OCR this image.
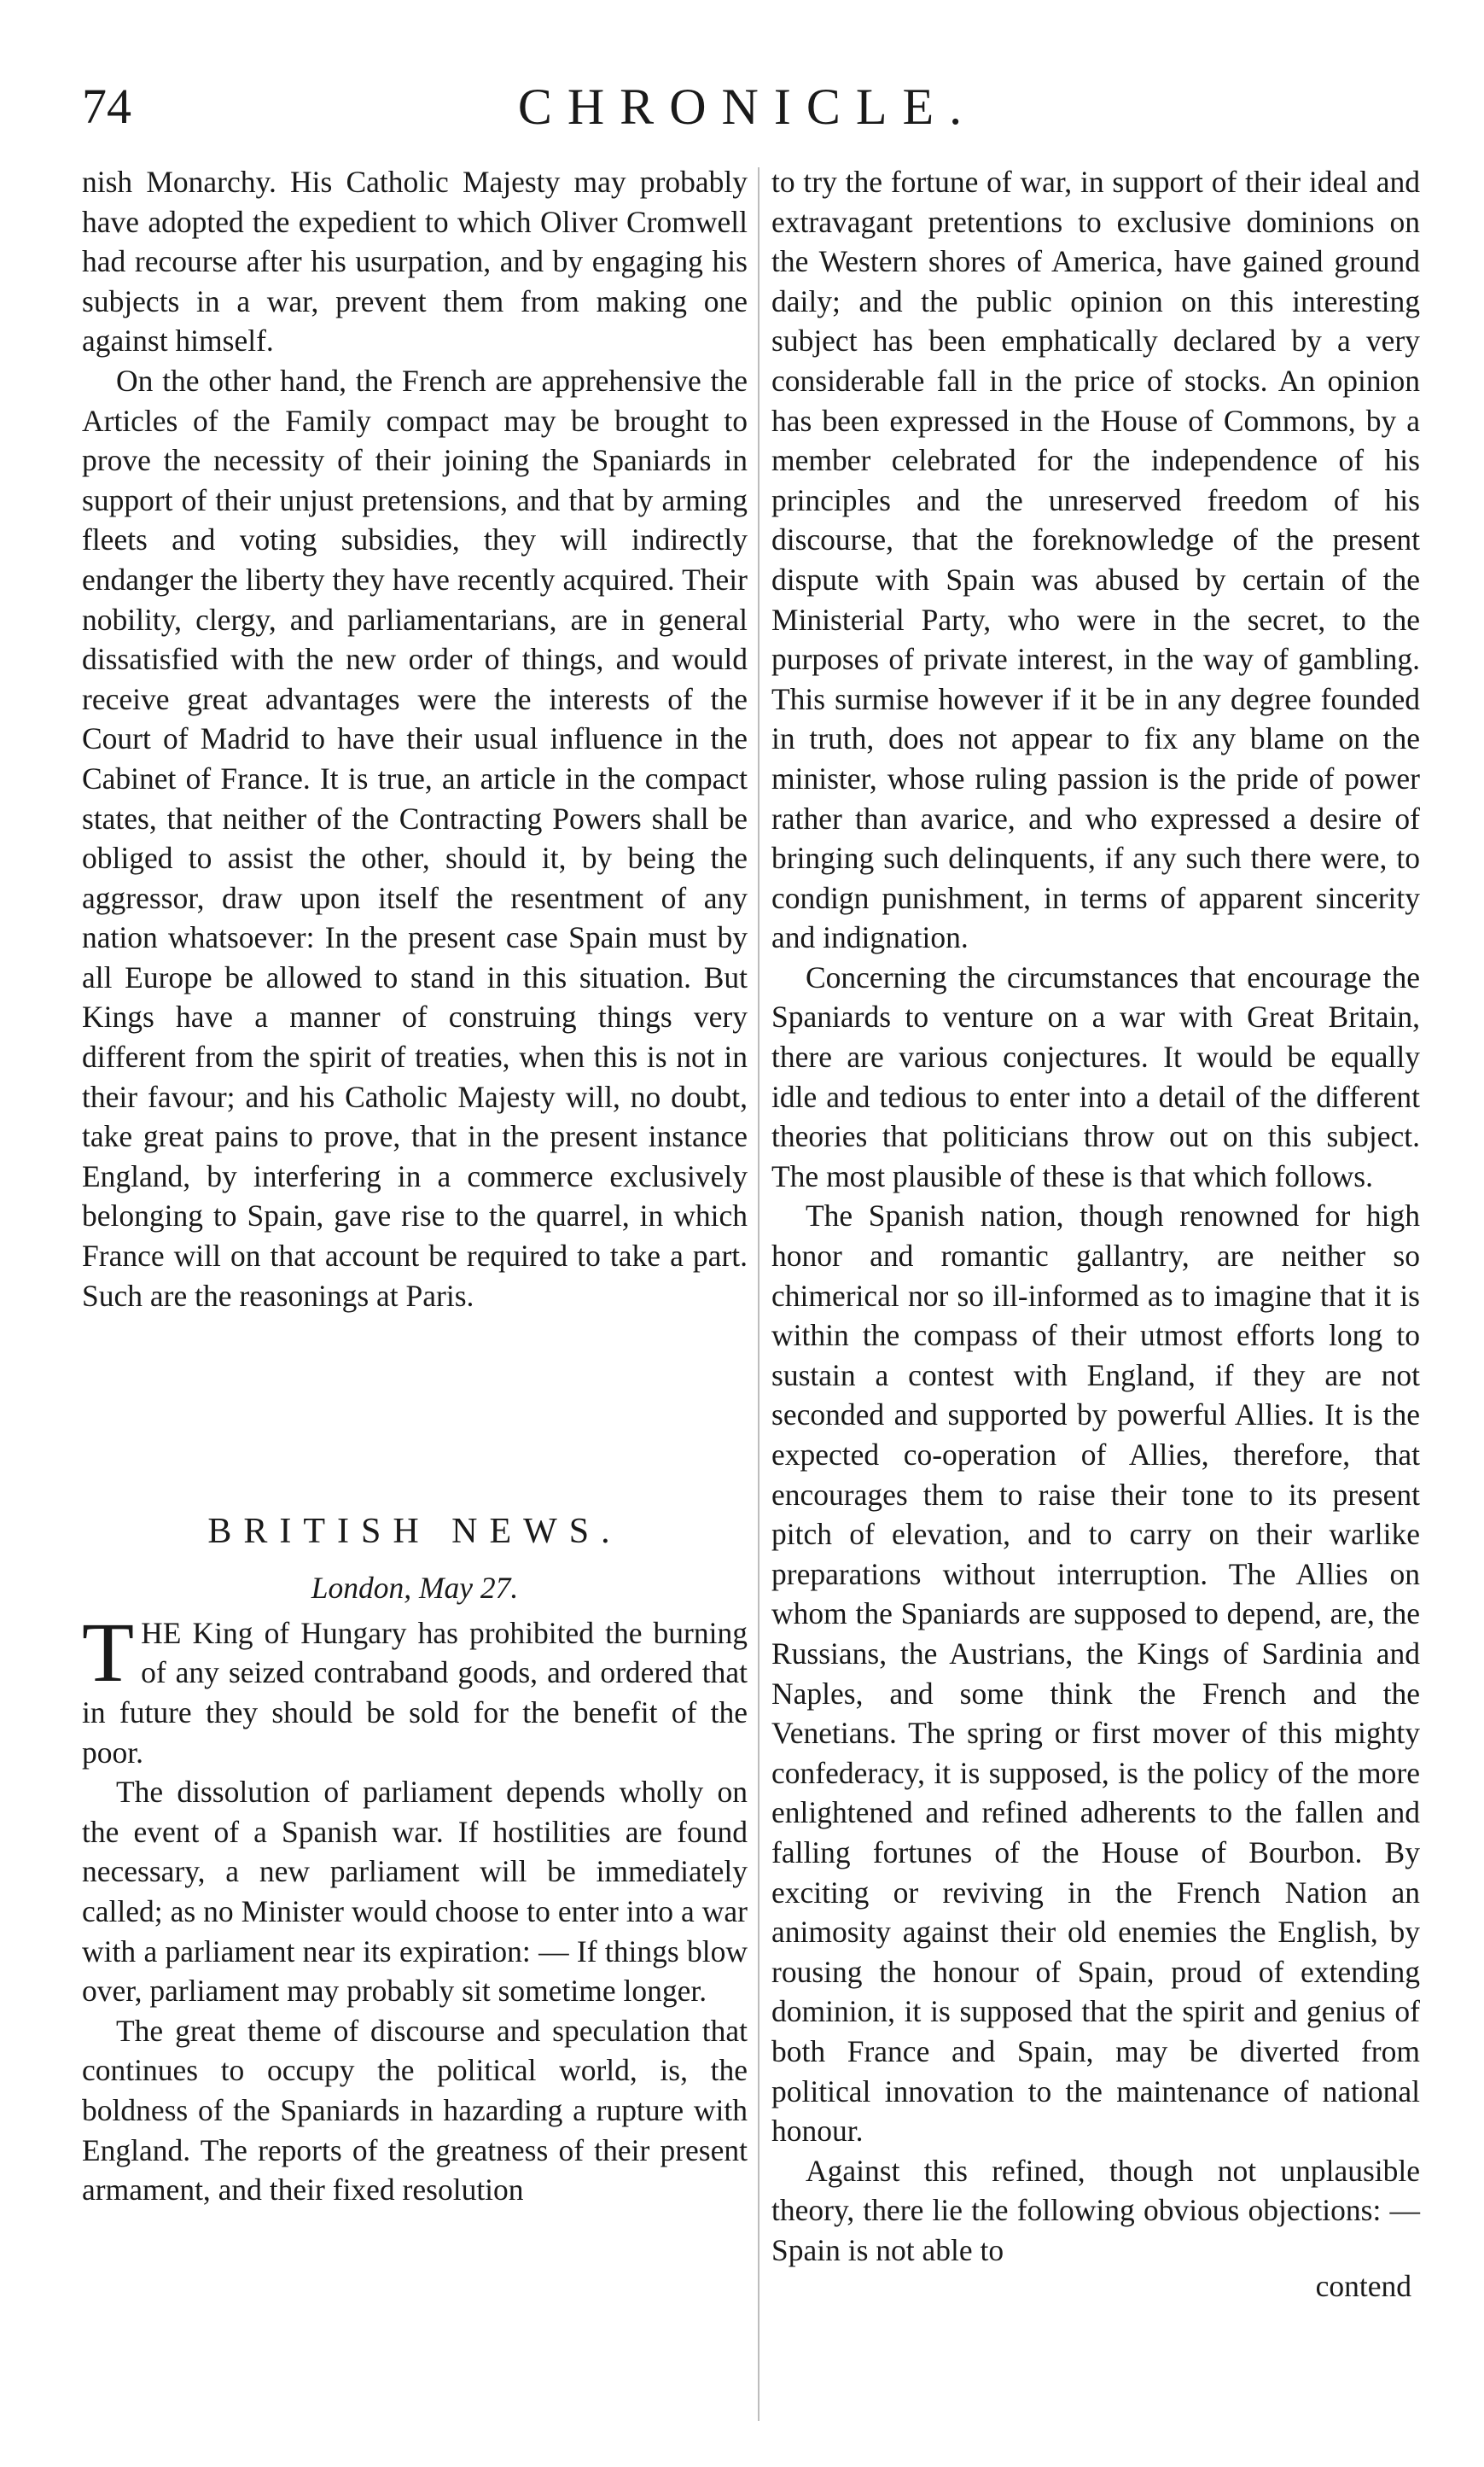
74	CHRONICLE.

nish Monarchy. His Catholic Majesty may probably have adopted the expedient to which Oliver Cromwell had recourse after his usurpation, and by engaging his subjects in a war, prevent them from making one against himself.

On the other hand, the French are apprehensive the Articles of the Family compact may be brought to prove the necessity of their joining the Spaniards in support of their unjust pretensions, and that by arming fleets and voting subsidies, they will indirectly endanger the liberty they have recently acquired. Their nobility, clergy, and parliamentarians, are in general dissatisfied with the new order of things, and would receive great advantages were the interests of the Court of Madrid to have their usual influence in the Cabinet of France. It is true, an article in the compact states, that neither of the Contracting Powers shall be obliged to assist the other, should it, by being the aggressor, draw upon itself the resentment of any nation whatsoever: In the present case Spain must by all Europe be allowed to stand in this situation. But Kings have a manner of construing things very different from the spirit of treaties, when this is not in their favour; and his Catholic Majesty will, no doubt, take great pains to prove, that in the present instance England, by interfering in a commerce exclusively belonging to Spain, gave rise to the quarrel, in which France will on that account be required to take a part. Such are the reasonings at Paris.

BRITISH NEWS.
London, May 27.

THE King of Hungary has prohibited the burning of any seized contraband goods, and ordered that in future they should be sold for the benefit of the poor.

The dissolution of parliament depends wholly on the event of a Spanish war. If hostilities are found necessary, a new parliament will be immediately called; as no Minister would choose to enter into a war with a parliament near its expiration: — If things blow over, parliament may probably sit sometime longer.

The great theme of discourse and speculation that continues to occupy the political world, is, the boldness of the Spaniards in hazarding a rupture with England. The reports of the greatness of their present armament, and their fixed resolution

to try the fortune of war, in support of their ideal and extravagant pretentions to exclusive dominions on the Western shores of America, have gained ground daily; and the public opinion on this interesting subject has been emphatically declared by a very considerable fall in the price of stocks. An opinion has been expressed in the House of Commons, by a member celebrated for the independence of his principles and the unreserved freedom of his discourse, that the foreknowledge of the present dispute with Spain was abused by certain of the Ministerial Party, who were in the secret, to the purposes of private interest, in the way of gambling. This surmise however if it be in any degree founded in truth, does not appear to fix any blame on the minister, whose ruling passion is the pride of power rather than avarice, and who expressed a desire of bringing such delinquents, if any such there were, to condign punishment, in terms of apparent sincerity and indignation.

Concerning the circumstances that encourage the Spaniards to venture on a war with Great Britain, there are various conjectures. It would be equally idle and tedious to enter into a detail of the different theories that politicians throw out on this subject. The most plausible of these is that which follows.

The Spanish nation, though renowned for high honor and romantic gallantry, are neither so chimerical nor so ill-informed as to imagine that it is within the compass of their utmost efforts long to sustain a contest with England, if they are not seconded and supported by powerful Allies. It is the expected co-operation of Allies, therefore, that encourages them to raise their tone to its present pitch of elevation, and to carry on their warlike preparations without interruption. The Allies on whom the Spaniards are supposed to depend, are, the Russians, the Austrians, the Kings of Sardinia and Naples, and some think the French and the Venetians. The spring or first mover of this mighty confederacy, it is supposed, is the policy of the more enlightened and refined adherents to the fallen and falling fortunes of the House of Bourbon. By exciting or reviving in the French Nation an animosity against their old enemies the English, by rousing the honour of Spain, proud of extending dominion, it is supposed that the spirit and genius of both France and Spain, may be diverted from political innovation to the maintenance of national honour.

Against this refined, though not unplausible theory, there lie the following obvious objections: — Spain is not able to

contend
